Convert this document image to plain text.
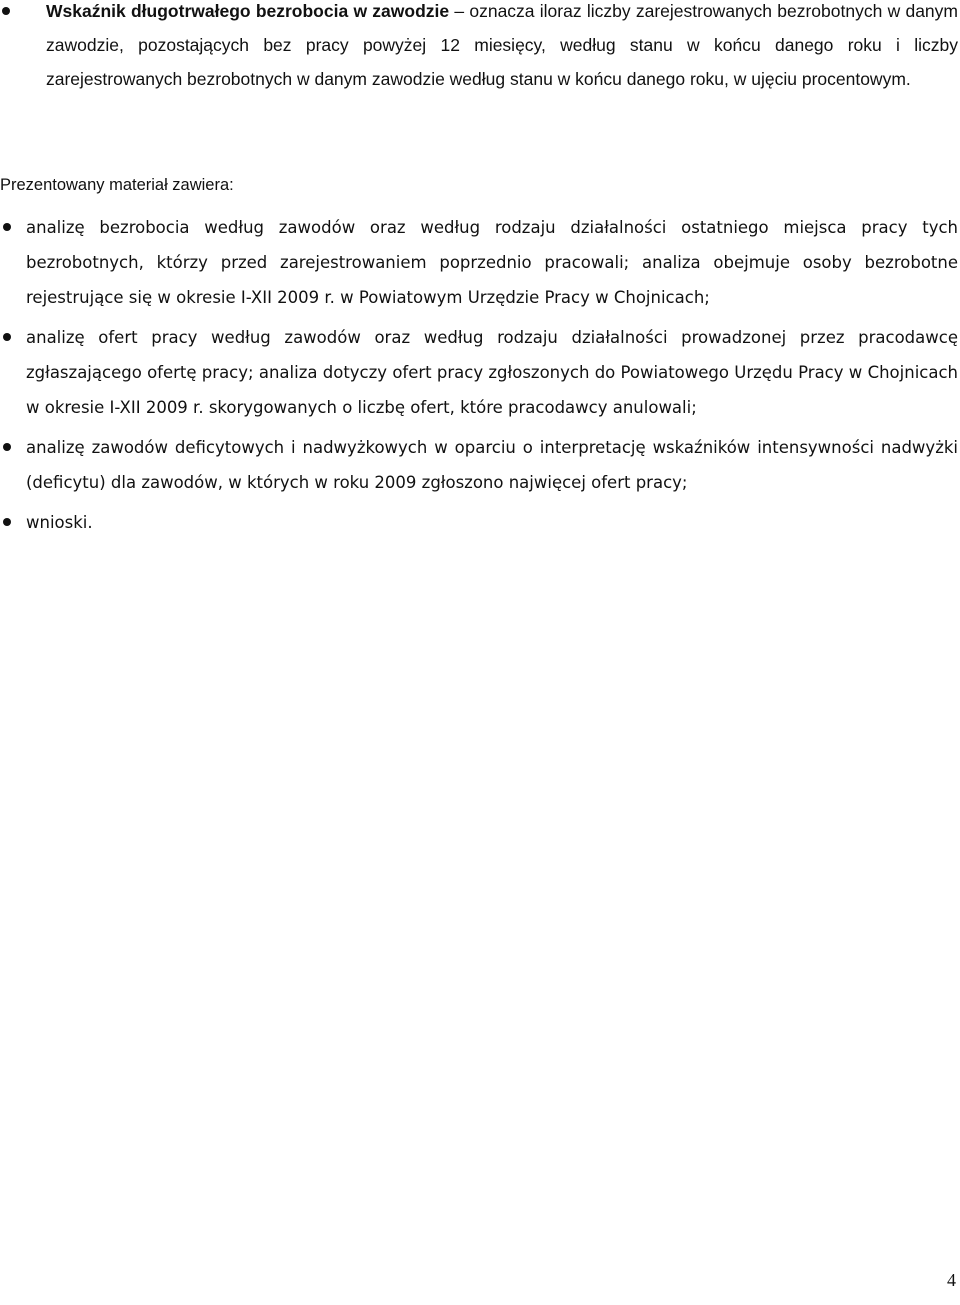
Wskaźnik długotrwałego bezrobocia w zawodzie – oznacza iloraz liczby zarejestrowanych bezrobotnych w danym zawodzie, pozostających bez pracy powyżej 12 miesięcy, według stanu w końcu danego roku i liczby zarejestrowanych bezrobotnych w danym zawodzie według stanu w końcu danego roku, w ujęciu procentowym.
Prezentowany materiał zawiera:
analizę bezrobocia według zawodów oraz według rodzaju działalności ostatniego miejsca pracy tych bezrobotnych, którzy przed zarejestrowaniem poprzednio pracowali; analiza obejmuje osoby bezrobotne rejestrujące się w okresie I-XII 2009 r. w Powiatowym Urzędzie Pracy w Chojnicach;
analizę ofert pracy według zawodów oraz według rodzaju działalności prowadzonej przez pracodawcę zgłaszającego ofertę pracy; analiza dotyczy ofert pracy zgłoszonych do Powiatowego Urzędu Pracy w Chojnicach w okresie I-XII 2009 r. skorygowanych o liczbę ofert, które pracodawcy anulowali;
analizę zawodów deficytowych i nadwyżkowych w oparciu o interpretację wskaźników intensywności nadwyżki (deficytu) dla zawodów, w których w roku 2009 zgłoszono najwięcej ofert pracy;
wnioski.
4
